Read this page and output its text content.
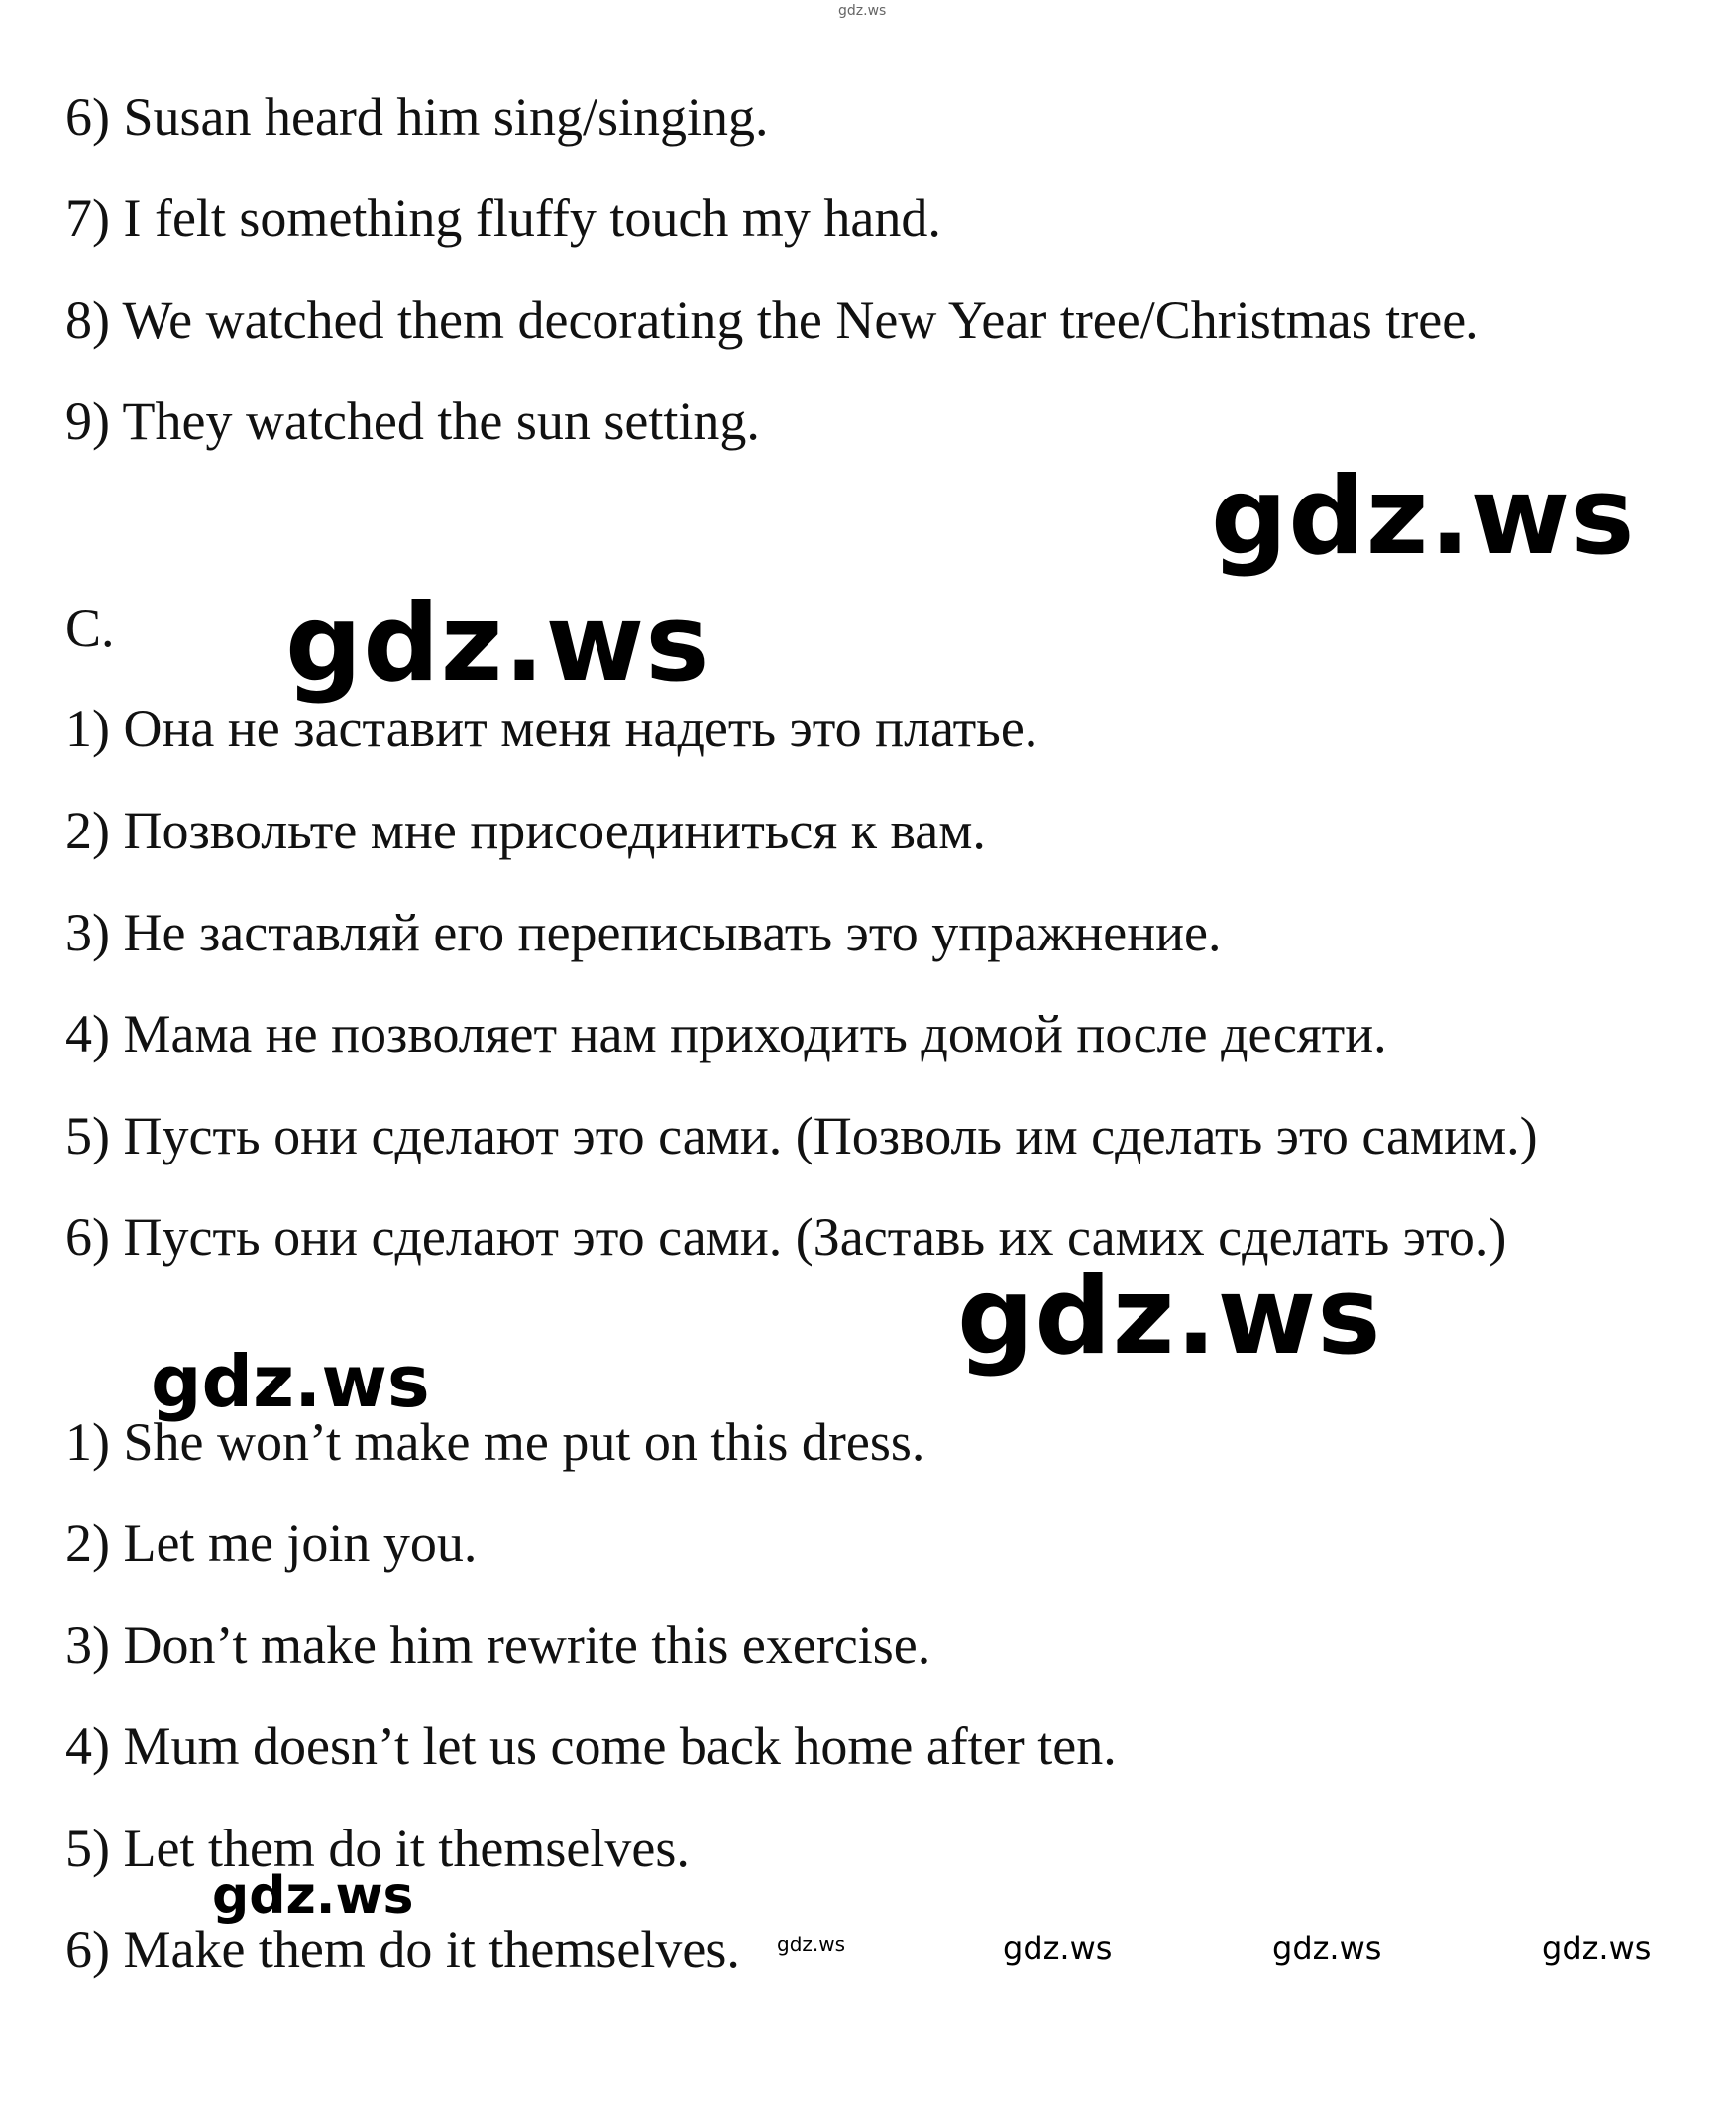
gdz.ws
6) Susan heard him sing/singing.
7) I felt something fluffy touch my hand.
8) We watched them decorating the New Year tree/Christmas tree.
9) They watched the sun setting.
gdz.ws
C. gdz.ws
1) Она не заставит меня надеть это платье.
2) Позвольте мне присоединиться к вам.
3) Не заставляй его переписывать это упражнение.
4) Мама не позволяет нам приходить домой после десяти.
5) Пусть они сделают это сами. (Позволь им сделать это самим.)
6) Пусть они сделают это сами. (Заставь их самих сделать это.)
gdz.ws
gdz.ws
1) She won’t make me put on this dress.
2) Let me join you.
3) Don’t make him rewrite this exercise.
4) Mum doesn’t let us come back home after ten.
5) Let them do it themselves.
6) Make them do it themselves.
gdz.ws
gdz.ws	gdz.ws	gdz.ws	gdz.ws
